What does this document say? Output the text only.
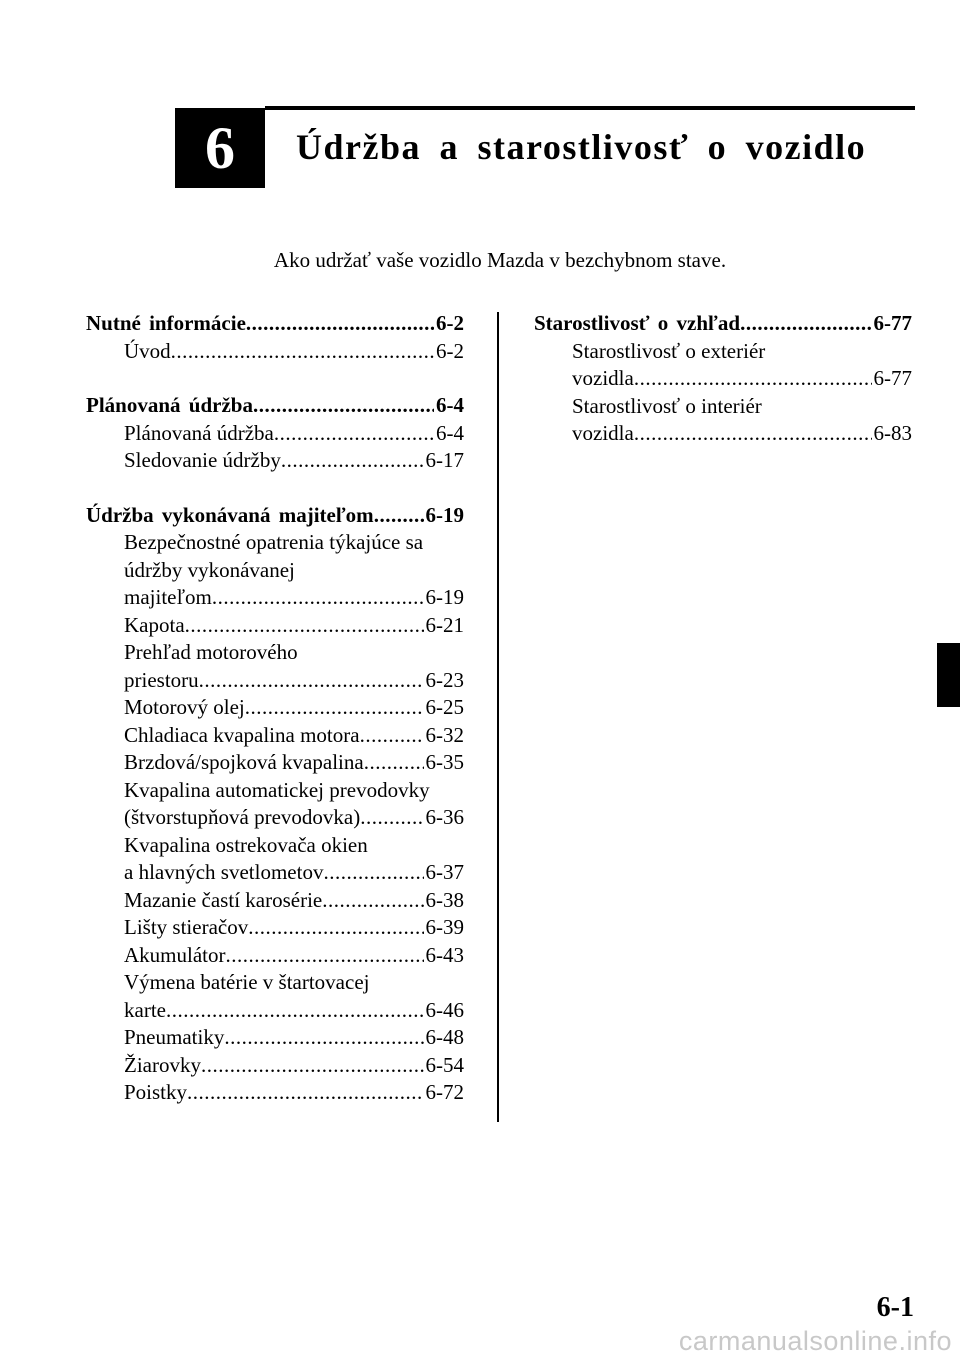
6 Údržba a starostlivosť o vozidlo
Ako udržať vaše vozidlo Mazda v bezchybnom stave.
Nutné informácie .....	6-2
Úvod .....	6-2
Plánovaná údržba .....	6-4
Plánovaná údržba .....	6-4
Sledovanie údržby .....	6-17
Údržba vykonávaná majiteľom ..... 6-19
Bezpečnostné opatrenia týkajúce sa
údržby vykonávanej
majiteľom .....	6-19
Kapota .....	6-21
Prehľad motorového
priestoru .....	6-23
Motorový olej .....	6-25
Chladiaca kvapalina motora .....	6-32
Brzdová/spojková kvapalina .....	6-35
Kvapalina automatickej prevodovky
(štvorstupňová prevodovka) .....	6-36
Kvapalina ostrekovača okien
a hlavných svetlometov .....	6-37
Mazanie častí karosérie .....	6-38
Lišty stieračov .....	6-39
Akumulátor .....	6-43
Výmena batérie v štartovacej
karte .....	6-46
Pneumatiky .....	6-48
Žiarovky .....	6-54
Poistky .....	6-72
Starostlivosť o vzhľad .....	6-77
Starostlivosť o exteriér
vozidla .....	6-77
Starostlivosť o interiér
vozidla .....	6-83
6-1
carmanualsonline.info
